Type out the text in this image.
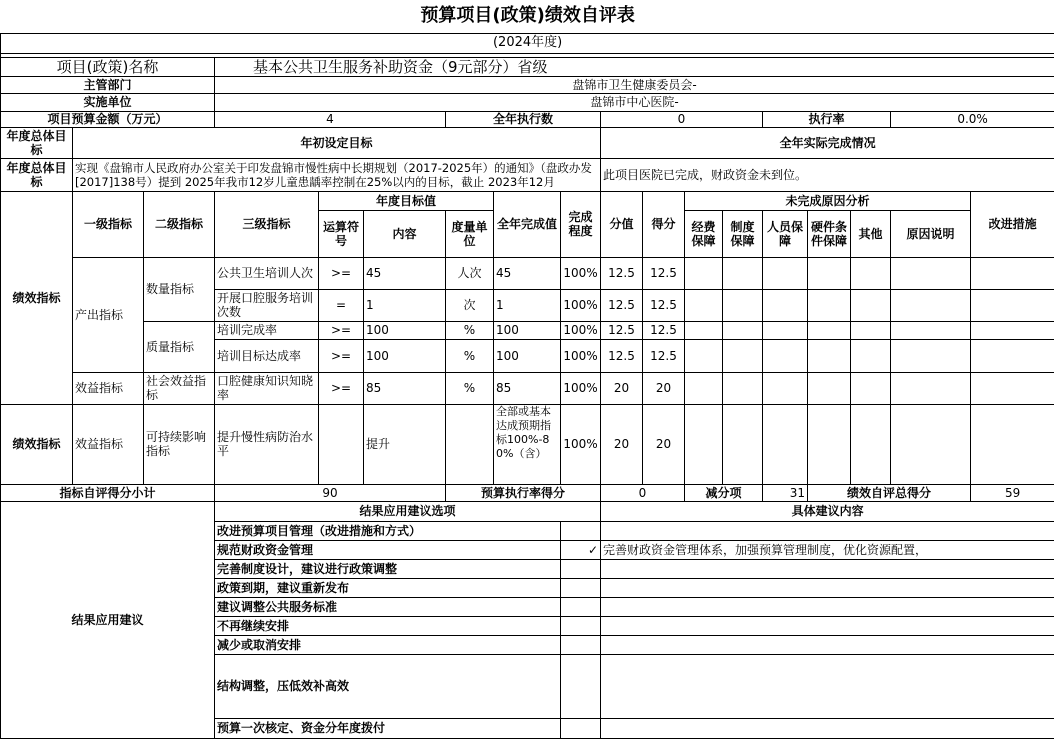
预算项目(政策)绩效自评表																	
(2024年度)																	

项目(政策)名称			基本公共卫生服务补助资金（9元部分）省级														
主管部门			盘锦市卫生健康委员会-														
实施单位			盘锦市中心医院-														
项目预算金额（万元）			4			全年执行数			0				执行率			0.0%	
年度总体目标	年初设定目标								全年实际完成情况								
年度总体目标	实现《盘锦市人民政府办公室关于印发盘锦市慢性病中长期规划（2017-2025年）的通知》（盘政办发[2017]138号）提到 2025年我市12岁儿童患龋率控制在25%以内的目标，截止 2023年12月								此项目医院已完成，财政资金未到位。								
绩效指标	一级指标	二级指标	三级指标	年度目标值			全年完成值	完成程度	分值	得分	未完成原因分析						改进措施
				运算符号	内容	度量单位					经费保障	制度保障	人员保障	硬件条件保障	其他	原因说明	
	产出指标	数量指标	公共卫生培训人次	>=	45	人次	45	100%	12.5	12.5							
			开展口腔服务培训次数	=	1	次	1	100%	12.5	12.5							
		质量指标	培训完成率	>=	100	%	100	100%	12.5	12.5							
			培训目标达成率	>=	100	%	100	100%	12.5	12.5							
	效益指标	社会效益指标	口腔健康知识知晓率	>=	85	%	85	100%	20	20							
绩效指标	效益指标	可持续影响指标	提升慢性病防治水平		提升		全部或基本达成预期指标100%-80%（含）	100%	20	20							
指标自评得分小计			90			预算执行率得分			0		减分项		31	绩效自评总得分			59
结果应用建议			结果应用建议选项						具体建议内容								
			改进预算项目管理（改进措施和方式）														
			规范财政资金管理					✓	完善财政资金管理体系，加强预算管理制度，优化资源配置，								
			完善制度设计，建议进行政策调整														
			政策到期，建议重新发布														
			建议调整公共服务标准														
			不再继续安排														
			减少或取消安排														
			结构调整，压低效补高效														
			预算一次核定、资金分年度拨付														
